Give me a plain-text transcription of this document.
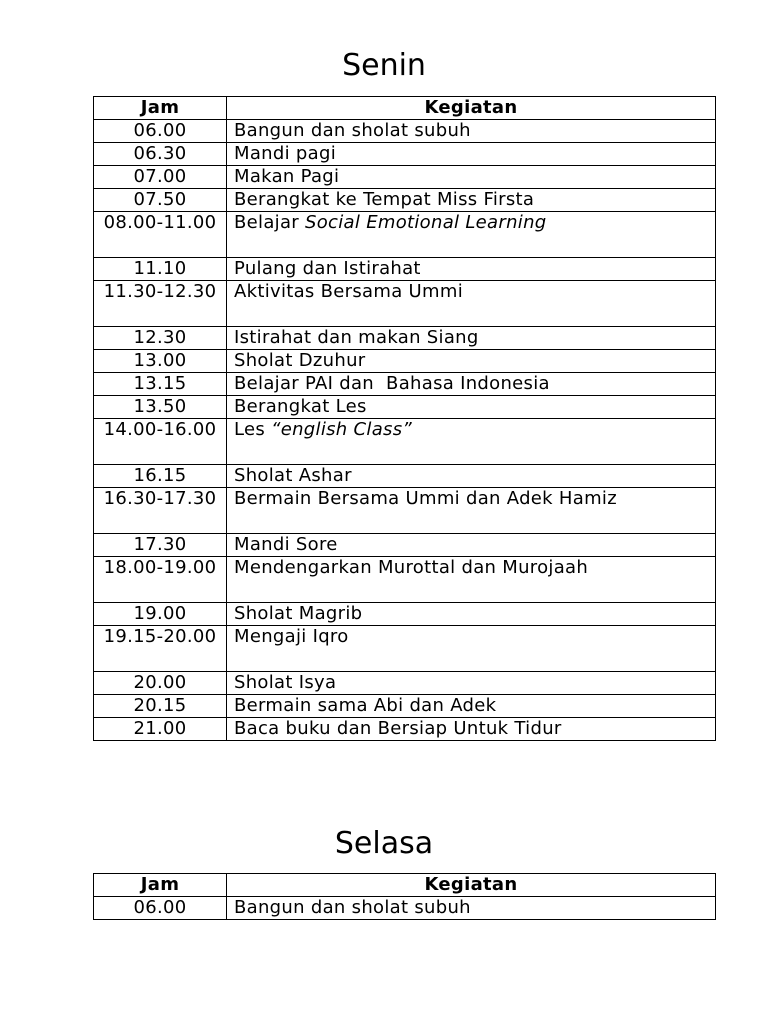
Senin
Jam	Kegiatan
06.00	Bangun dan sholat subuh
06.30	Mandi pagi
07.00	Makan Pagi
07.50	Berangkat ke Tempat Miss Firsta
08.00-11.00	Belajar Social Emotional Learning
11.10	Pulang dan Istirahat
11.30-12.30	Aktivitas Bersama Ummi
12.30	Istirahat dan makan Siang
13.00	Sholat Dzuhur
13.15	Belajar PAI dan  Bahasa Indonesia
13.50	Berangkat Les
14.00-16.00	Les “english Class”
16.15	Sholat Ashar
16.30-17.30	Bermain Bersama Ummi dan Adek Hamiz
17.30	Mandi Sore
18.00-19.00	Mendengarkan Murottal dan Murojaah
19.00	Sholat Magrib
19.15-20.00	Mengaji Iqro
20.00	Sholat Isya
20.15	Bermain sama Abi dan Adek
21.00	Baca buku dan Bersiap Untuk Tidur
Selasa
Jam	Kegiatan
06.00	Bangun dan sholat subuh
